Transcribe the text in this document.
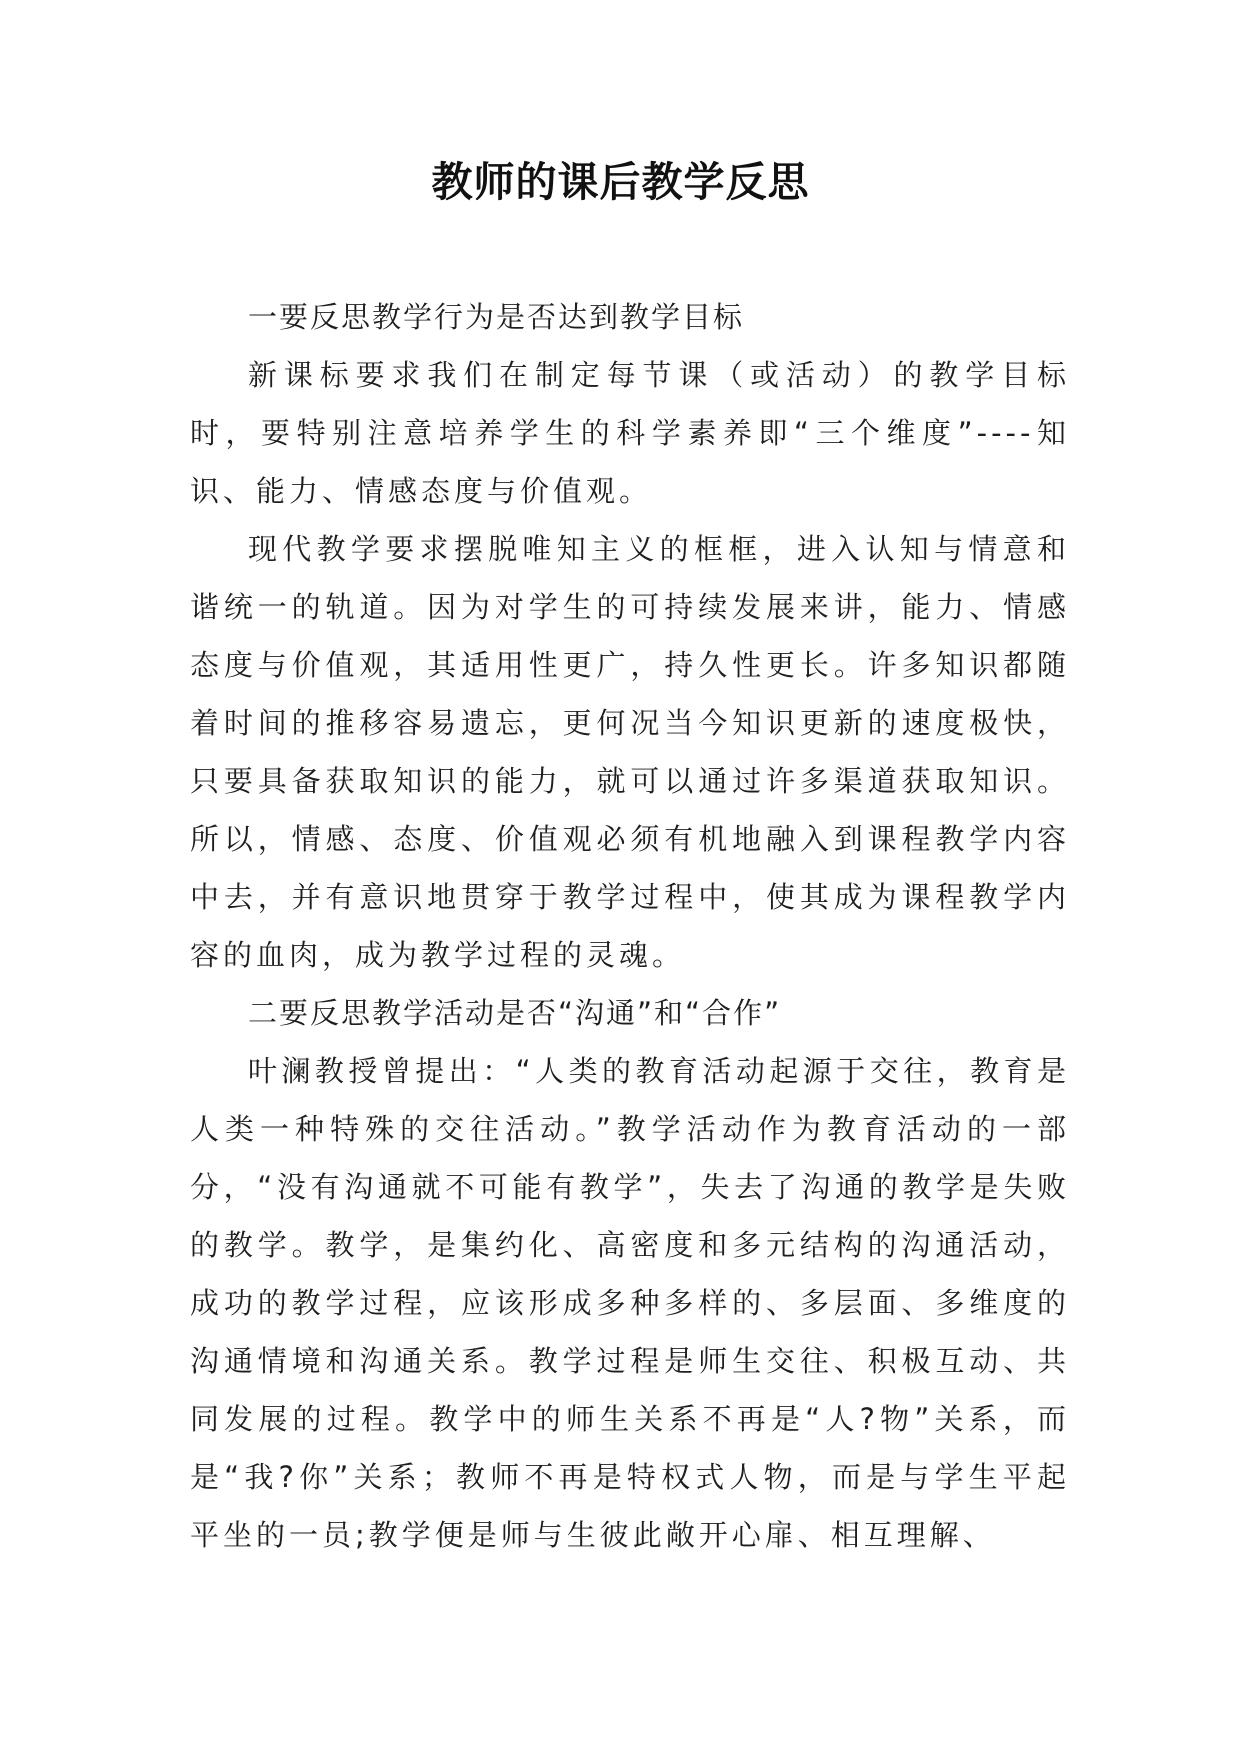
教师的课后教学反思

一要反思教学行为是否达到教学目标

新课标要求我们在制定每节课（或活动）的教学目标时，要特别注意培养学生的科学素养即“三个维度”----知识、能力、情感态度与价值观。

现代教学要求摆脱唯知主义的框框，进入认知与情意和谐统一的轨道。因为对学生的可持续发展来讲，能力、情感态度与价值观，其适用性更广，持久性更长。许多知识都随着时间的推移容易遗忘，更何况当今知识更新的速度极快，只要具备获取知识的能力，就可以通过许多渠道获取知识。所以，情感、态度、价值观必须有机地融入到课程教学内容中去，并有意识地贯穿于教学过程中，使其成为课程教学内容的血肉，成为教学过程的灵魂。

二要反思教学活动是否“沟通”和“合作”

叶澜教授曾提出：“人类的教育活动起源于交往，教育是人类一种特殊的交往活动。”教学活动作为教育活动的一部分，“没有沟通就不可能有教学”，失去了沟通的教学是失败的教学。教学，是集约化、高密度和多元结构的沟通活动，成功的教学过程，应该形成多种多样的、多层面、多维度的沟通情境和沟通关系。教学过程是师生交往、积极互动、共同发展的过程。教学中的师生关系不再是“人?物”关系，而是“我?你”关系；教师不再是特权式人物，而是与学生平起平坐的一员;教学便是师与生彼此敞开心扉、相互理解、
